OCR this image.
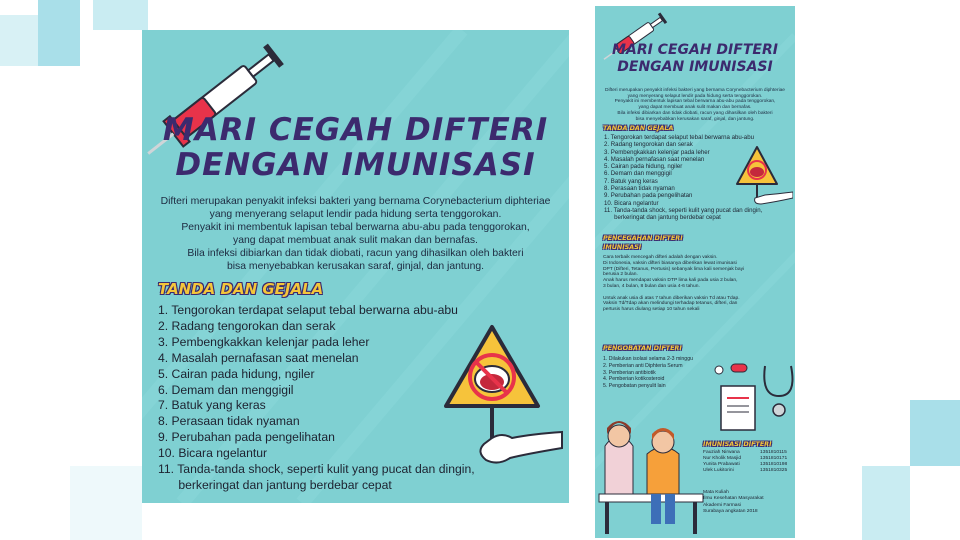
MARI CEGAH DIFTERI
DENGAN IMUNISASI
Difteri merupakan penyakit infeksi bakteri yang bernama Corynebacterium diphteriae
yang menyerang selaput lendir pada hidung serta tenggorokan.
Penyakit ini membentuk lapisan tebal berwarna abu-abu pada tenggorokan,
yang dapat membuat anak sulit makan dan bernafas.
Bila infeksi dibiarkan dan tidak diobati, racun yang dihasilkan oleh bakteri
bisa menyebabkan kerusakan saraf, ginjal, dan jantung.
TANDA DAN GEJALA
1. Tengorokan terdapat selaput tebal berwarna abu-abu
2. Radang tengorokan dan serak
3. Pembengkakkan kelenjar pada leher
4. Masalah pernafasan saat menelan
5. Cairan pada hidung, ngiler
6. Demam dan menggigil
7. Batuk yang keras
8. Perasaan tidak nyaman
9. Perubahan pada pengelihatan
10. Bicara ngelantur
11. Tanda-tanda shock, seperti kulit yang pucat dan dingin,
berkeringat dan jantung berdebar cepat
MARI CEGAH DIFTERI
DENGAN IMUNISASI
Difteri merupakan penyakit infeksi bakteri yang bernama Corynebacterium diphteriae
yang menyerang selaput lendir pada hidung serta tenggorokan.
Penyakit ini membentuk lapisan tebal berwarna abu-abu pada tenggorokan,
yang dapat membuat anak sulit makan dan bernafas.
Bila infeksi dibiarkan dan tidak diobati, racun yang dihasilkan oleh bakteri
bisa menyebabkan kerusakan saraf, ginjal, dan jantung.
TANDA DAN GEJALA
1. Tengorokan terdapat selaput tebal berwarna abu-abu
2. Radang tengorokan dan serak
3. Pembengkakkan kelenjar pada leher
4. Masalah pernafasan saat menelan
5. Cairan pada hidung, ngiler
6. Demam dan menggigil
7. Batuk yang keras
8. Perasaan tidak nyaman
9. Perubahan pada pengelihatan
10. Bicara ngelantur
11. Tanda-tanda shock, seperti kulit yang pucat dan dingin,
berkeringat dan jantung berdebar cepat
PENCEGAHAN DIFTERI
IMUNISASI
Cara terbaik mencegah difteri adalah dengan vaksin.
Di Indonesia, vaksin difteri biasanya diberikan lewat imunisasi
DPT (Difteri, Tetanus, Pertusis) sebanyak lima kali semenjak bayi
berusia 2 bulan.
Anak harus mendapat vaksin DTP lima kali pada usia 2 bulan,
3 bulan, 4 bulan, 8 bulan dan usia 4-6 tahun.
Untuk anak usia di atas 7 tahun diberikan vaksin Td atau Tdap.
Vaksin Td/Tdap akan melindungi terhadap tetanus, difteri, dan
pertusis harus diulang setiap 10 tahun sekali
PENGOBATAN DIFTERI
1. Dilakukan isolasi selama 2-3 minggu
2. Pemberian anti Diphteria Serum
3. Pemberian antibiotik
4. Pemberian kotikosteroid
5. Pengobatan penyulit lain
IMUNISASI DIFTERI
Fauziah Nirwana	1351810115
Nur Kholik Masjid	1351810171
Yunita Prabawati	1351810198
Ulek Lukitorini	1351810325
Mata Kuliah
Ilmu Kesehatan Masyarakat
Akademi Farmasi
Surabaya angkatan 2018
